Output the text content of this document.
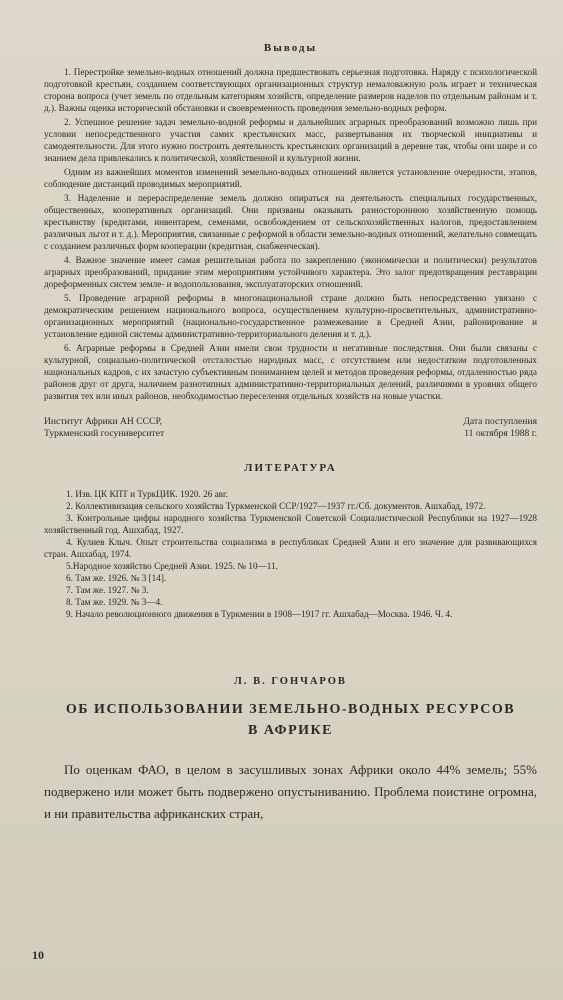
Выводы

1. Перестройке земельно-водных отношений должна предшествовать серьезная подготовка. Наряду с психологической подготовкой крестьян, созданием соответствующих организационных структур немаловажную роль играет и техническая сторона вопроса (учет земель по отдельным категориям хозяйств, определение размеров наделов по отдельным районам и т. д.). Важны оценка исторической обстановки и своевременность проведения земельно-водных реформ.

2. Успешное решение задач земельно-водной реформы и дальнейших аграрных преобразований возможно лишь при условии непосредственного участия самих крестьянских масс, развертывания их творческой инициативы и самодеятельности. Для этого нужно построить деятельность крестьянских организаций в деревне так, чтобы они шире и со знанием дела привлекались к политической, хозяйственной и культурной жизни.

Одним из важнейших моментов изменений земельно-водных отношений является установление очередности, этапов, соблюдение дистанций проводимых мероприятий.

3. Наделение и перераспределение земель должно опираться на деятельность специальных государственных, общественных, кооперативных организаций. Они призваны оказывать разностороннюю хозяйственную помощь крестьянству (кредитами, инвентарем, семенами, освобождением от сельскохозяйственных налогов, предоставлением различных льгот и т. д.). Мероприятия, связанные с реформой в области земельно-водных отношений, желательно совмещать с созданием различных форм кооперации (кредитная, снабженческая).

4. Важное значение имеет самая решительная работа по закреплению (экономически и политически) результатов аграрных преобразований, придание этим мероприятиям устойчивого характера. Это залог предотвращения реставрации дореформенных систем земле- и водопользования, эксплуататорских отношений.

5. Проведение аграрной реформы в многонациональной стране должно быть непосредственно увязано с демократическим решением национального вопроса, осуществлением культурно-просветительных, административно-организационных мероприятий (национально-государственное размежевание в Средней Азии, районирование и установление единой системы административно-территориального деления и т. д.).

6. Аграрные реформы в Средней Азии имели свои трудности и негативные последствия. Они были связаны с культурной, социально-политической отсталостью народных масс, с отсутствием или недостатком подготовленных национальных кадров, с их зачастую субъективным пониманием целей и методов проведения реформы, отдаленностью ряда районов друг от друга, наличием разнотипных административно-территориальных делений, различиями в уровнях общего развития тех или иных районов, необходимостью переселения отдельных хозяйств на новые участки.

Институт Африки АН СССР,
Туркменский госуниверситет
Дата поступления
11 октября 1988 г.
ЛИТЕРАТУРА

1. Изв. ЦК КПТ и ТуркЦИК. 1920. 26 авг.

2. Коллективизация сельского хозяйства Туркменской ССР/1927—1937 гг./Сб. документов. Ашхабад, 1972.

3. Контрольные цифры народного хозяйства Туркменской Советской Социалистической Республики на 1927—1928 хозяйственный год. Ашхабад, 1927.

4. Кулиев Клыч. Опыт строительства социализма в республиках Средней Азии и его значение для развивающихся стран. Ашхабад, 1974.

5.Народное хозяйство Средней Азии. 1925. № 10—11.

6. Там же. 1926. № 3 [14].

7. Там же. 1927. № 3.

8. Там же. 1929. № 3—4.

9. Начало революционного движения в Туркмении в 1908—1917 гг. Ашхабад—Москва. 1946. Ч. 4.

Л. В. ГОНЧАРОВ
ОБ ИСПОЛЬЗОВАНИИ ЗЕМЕЛЬНО-ВОДНЫХ РЕСУРСОВ
В АФРИКЕ

По оценкам ФАО, в целом в засушливых зонах Африки около 44% земель; 55% подвержено или может быть подвержено опустыниванию. Проблема поистине огромна, и ни правительства африканских стран,

10
